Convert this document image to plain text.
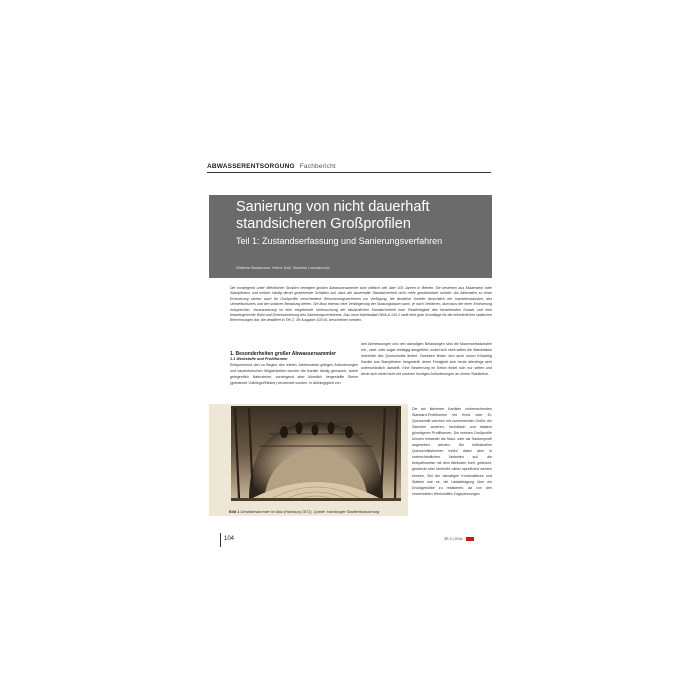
ABWASSERENTSORGUNG Fachbericht
Sanierung von nicht dauerhaft
standsicheren Großprofilen
Teil 1: Zustandserfassung und Sanierungsverfahren
Dietmar Beckmann, Heinz Doll, Vladimir Lazmanović
Die vorwiegend unter öffentlichen Straßen verlegten großen Abwassersammler sind vielfach seit über 100 Jahren in Betrieb. Sie bestehen aus Mauerwerk oder Stampfbeton und weisen häufig derart gravierende Schäden auf, dass die dauerhafte Standsicherheit nicht mehr gewährleistet scheint. Als Alternative zu einer Erneuerung stehen auch für Großprofile verschiedene Renovierungsverfahren zur Verfügung, die deutliche Vorteile hinsichtlich der Investitionskosten, des Umweltschutzes und der urbanen Belastung bieten. Sie lässt ebenso eine Verlängerung der Nutzungsdauer kann, je nach Verfahren, durchaus der einer Erneuerung entsprechen. Voraussetzung ist eine eingehende Untersuchung der tatsächlichen Standsicherheit bzw. Restfestigkeit des bestehenden Kanals und eine bedarfsgerechte Wahl und Dimensionierung des Sanierungsverfahrens. Das neue Arbeitsblatt DWA-A 143-2 stellt eine gute Grundlage für die erforderlichen statischen Berechnungen dar, die detailliert in Teil 2, 3R Ausgabe 3/2016, beschrieben werden.
1. Besonderheiten großer Abwassersammler
1.1 Werkstoffe und Profilformen
Entsprechend den zu Beginn des letzten Jahrhunderts gültigen Anforderungen und bautechnischen Möglichkeiten wurden die Kanäle häufig gemauert, wobei gelegentlich Natursteine, vorwiegend aber künstlich hergestellte Steine (gebrannte Vollziegel/Klinker) verwendet wurden. In Abhängigkeit von
den Abmessungen und den damaligen Belastungen sind die Mauerwerksschalen ein-, zwei- oder sogar dreilagig ausgeführt, wobei sich nicht selten die Wandstärke innerhalb des Querschnitts ändert. Daneben finden sich auch schon frühzeitig Kanäle aus Stampfbeton hergestellt, deren Festigkeit sich heute allerdings sehr unterschiedlich darstellt. Eine Bewehrung im Beton findet sich nur selten und deckt sich meist nicht mit unseren heutigen Anforderungen an einem Stahlbeton.
Die bei kleineren Kanälen vorherrschenden Standard-Profilformen mit Kreis oder Ei-Querschnitt weichen mit zunehmender Größe der Sammler anderen, formalisch und statisch günstigeren Profilformen. Die meisten Großprofile können entweder als Maul- oder als Haubenprofil angesehen werden. Die individuellen Querschnittsformen treten dabei aber in unterschiedlichen Varianten auf, die beispielsweise mit dem Attributen breit, gedrückt, gestreckt oder überhöht näher spezifiziert werden können. Ziel der damaligen Konstrukteure und Statiker war es, die Lastabtragung über ein Druckgewölbe zu realisieren, da von den verwendeten Werkstoffen Zugspannungen
Bild 1 Gewölbesammler im Bau (Hamburg 1872), Quelle: Hamburger Stadtentwässerung
104	3R 3 | 2016
